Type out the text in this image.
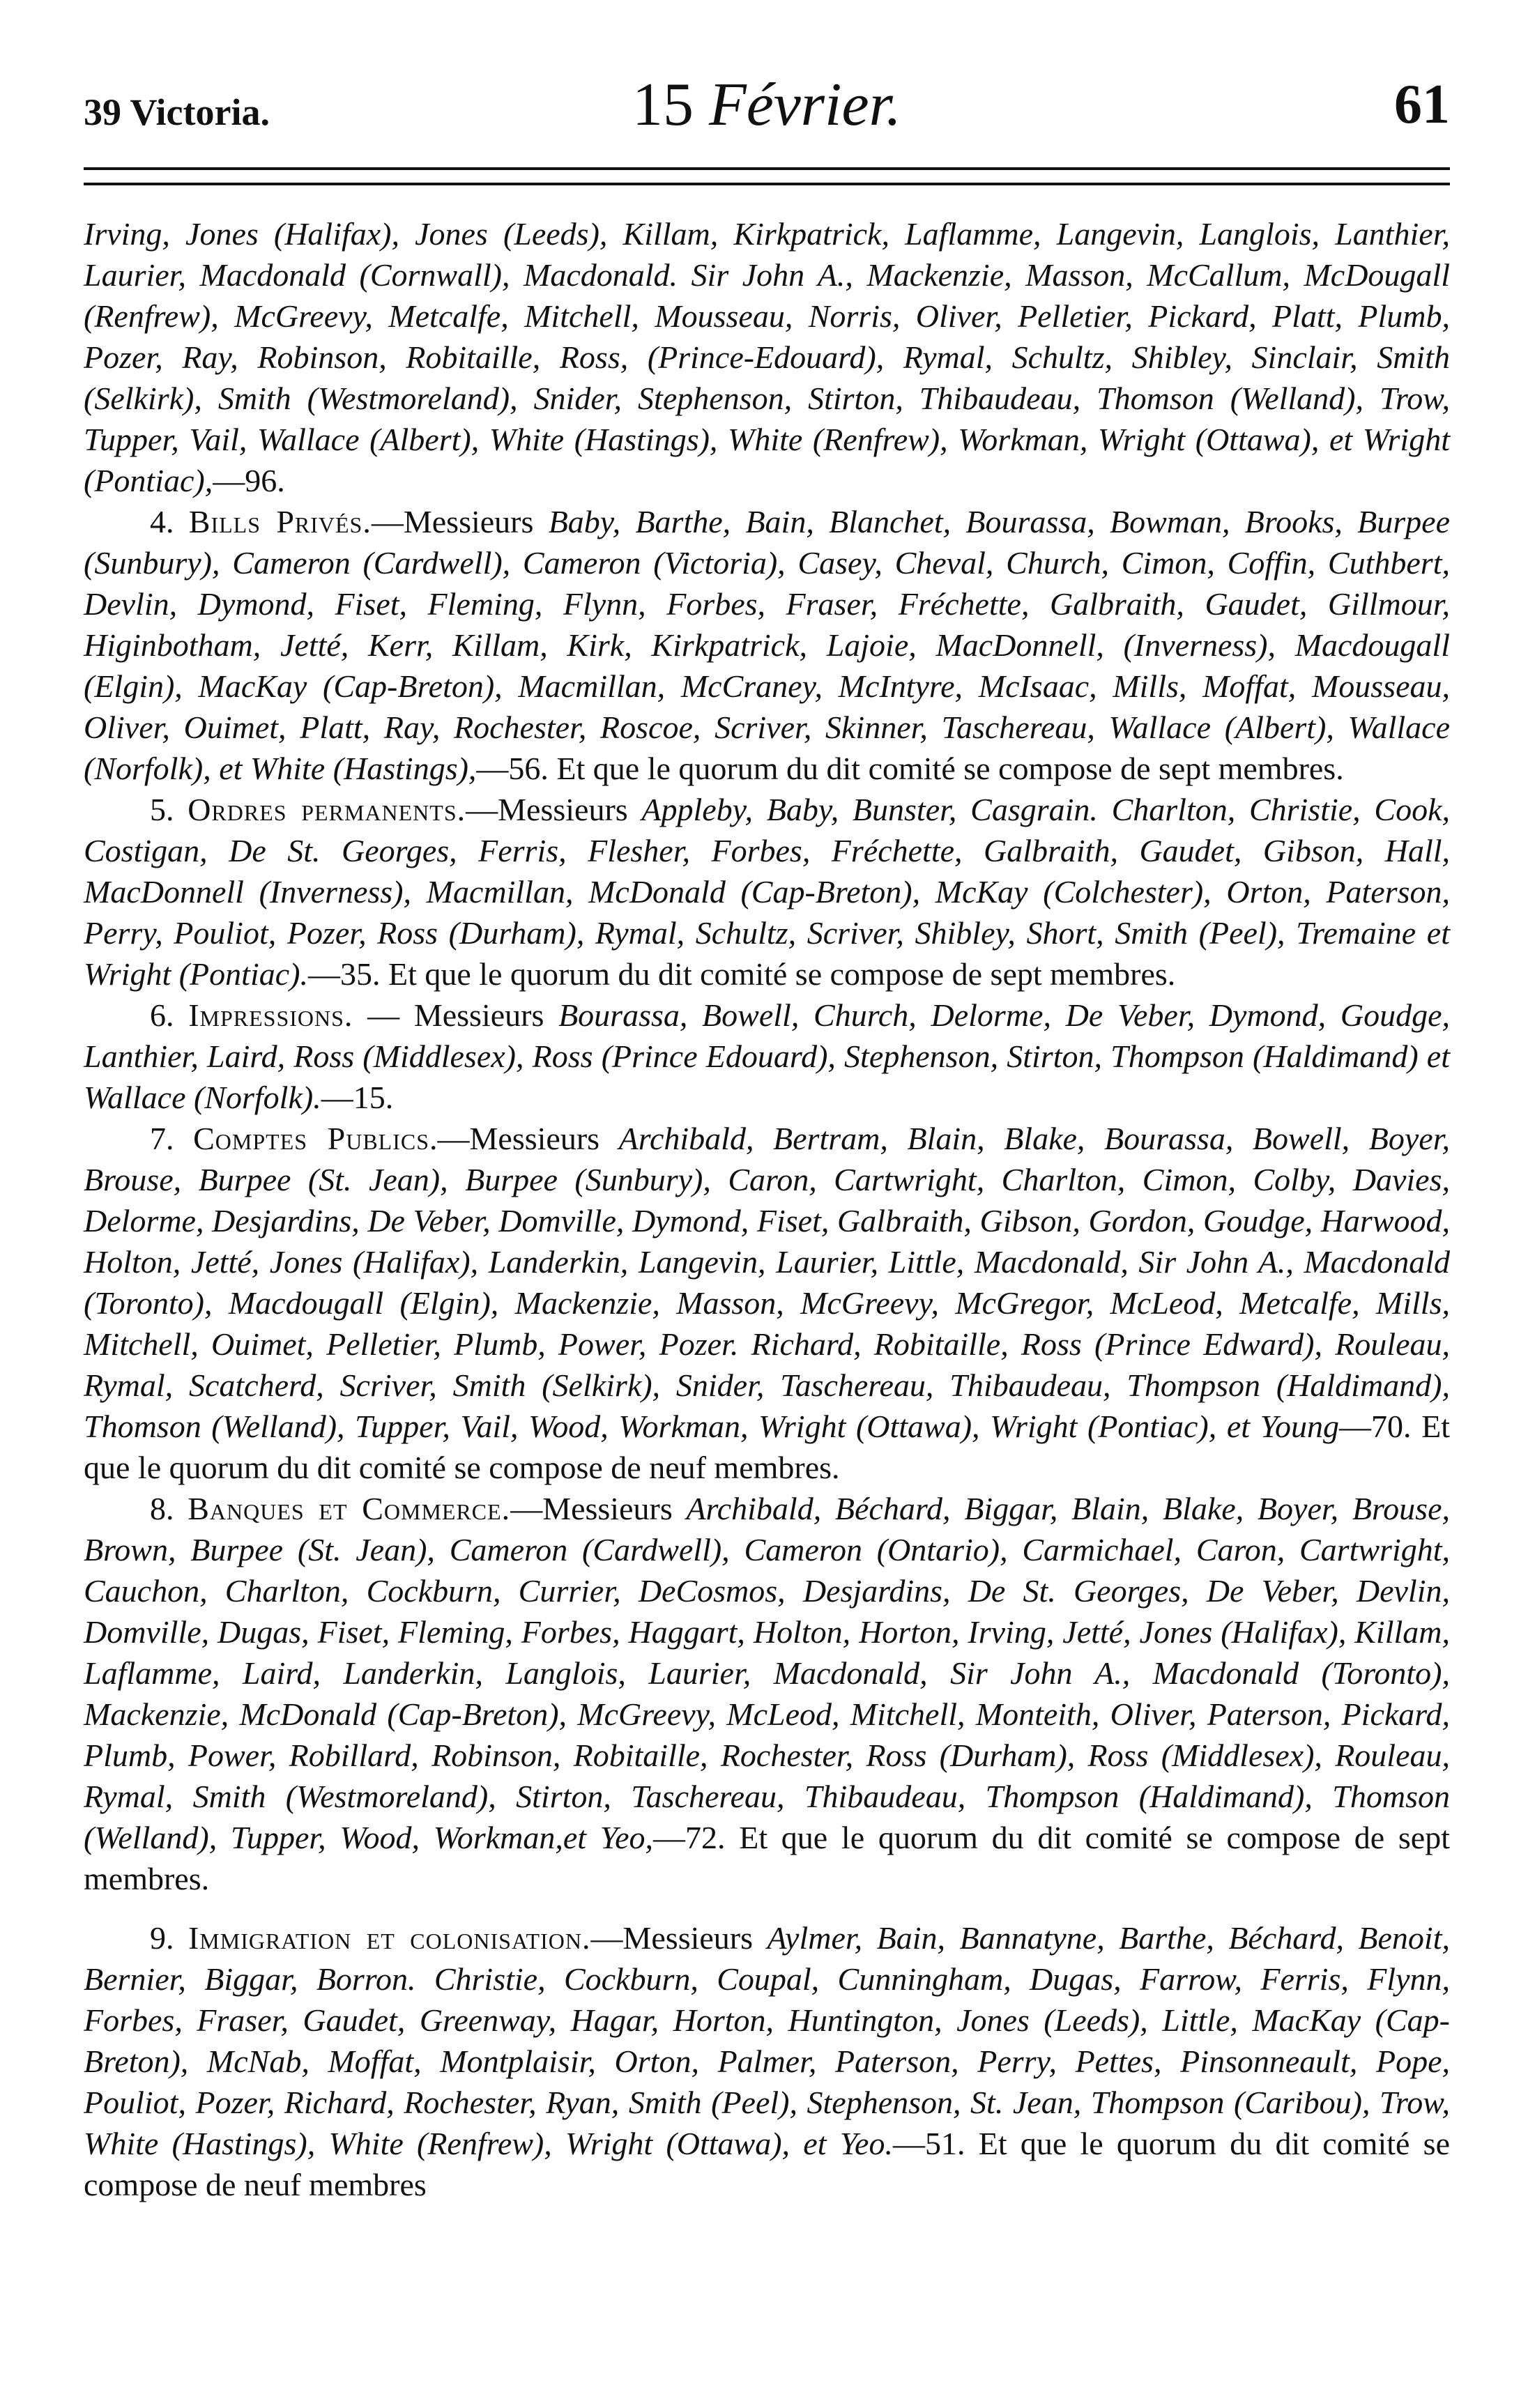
39 Victoria.	15 Février.	61

Irving, Jones (Halifax), Jones (Leeds), Killam, Kirkpatrick, Laflamme, Langevin, Langlois, Lanthier, Laurier, Macdonald (Cornwall), Macdonald. Sir John A., Mackenzie, Masson, McCallum, McDougall (Renfrew), McGreevy, Metcalfe, Mitchell, Mousseau, Norris, Oliver, Pelletier, Pickard, Platt, Plumb, Pozer, Ray, Robinson, Robitaille, Ross, (Prince-Edouard), Rymal, Schultz, Shibley, Sinclair, Smith (Selkirk), Smith (Westmoreland), Snider, Stephenson, Stirton, Thibaudeau, Thomson (Welland), Trow, Tupper, Vail, Wallace (Albert), White (Hastings), White (Renfrew), Workman, Wright (Ottawa), et Wright (Pontiac),—96.

4. Bills Privés.—Messieurs Baby, Barthe, Bain, Blanchet, Bourassa, Bowman, Brooks, Burpee (Sunbury), Cameron (Cardwell), Cameron (Victoria), Casey, Cheval, Church, Cimon, Coffin, Cuthbert, Devlin, Dymond, Fiset, Fleming, Flynn, Forbes, Fraser, Fréchette, Galbraith, Gaudet, Gillmour, Higinbotham, Jetté, Kerr, Killam, Kirk, Kirkpatrick, Lajoie, MacDonnell, (Inverness), Macdougall (Elgin), MacKay (Cap-Breton), Macmillan, McCraney, McIntyre, McIsaac, Mills, Moffat, Mousseau, Oliver, Ouimet, Platt, Ray, Rochester, Roscoe, Scriver, Skinner, Taschereau, Wallace (Albert), Wallace (Norfolk), et White (Hastings),—56. Et que le quorum du dit comité se compose de sept membres.

5. Ordres permanents.—Messieurs Appleby, Baby, Bunster, Casgrain. Charlton, Christie, Cook, Costigan, De St. Georges, Ferris, Flesher, Forbes, Fréchette, Galbraith, Gaudet, Gibson, Hall, MacDonnell (Inverness), Macmillan, McDonald (Cap-Breton), McKay (Colchester), Orton, Paterson, Perry, Pouliot, Pozer, Ross (Durham), Rymal, Schultz, Scriver, Shibley, Short, Smith (Peel), Tremaine et Wright (Pontiac).—35. Et que le quorum du dit comité se compose de sept membres.

6. Impressions. — Messieurs Bourassa, Bowell, Church, Delorme, De Veber, Dymond, Goudge, Lanthier, Laird, Ross (Middlesex), Ross (Prince Edouard), Stephenson, Stirton, Thompson (Haldimand) et Wallace (Norfolk).—15.

7. Comptes Publics.—Messieurs Archibald, Bertram, Blain, Blake, Bourassa, Bowell, Boyer, Brouse, Burpee (St. Jean), Burpee (Sunbury), Caron, Cartwright, Charlton, Cimon, Colby, Davies, Delorme, Desjardins, De Veber, Domville, Dymond, Fiset, Galbraith, Gibson, Gordon, Goudge, Harwood, Holton, Jetté, Jones (Halifax), Landerkin, Langevin, Laurier, Little, Macdonald, Sir John A., Macdonald (Toronto), Macdougall (Elgin), Mackenzie, Masson, McGreevy, McGregor, McLeod, Metcalfe, Mills, Mitchell, Ouimet, Pelletier, Plumb, Power, Pozer. Richard, Robitaille, Ross (Prince Edward), Rouleau, Rymal, Scatcherd, Scriver, Smith (Selkirk), Snider, Taschereau, Thibaudeau, Thompson (Haldimand), Thomson (Welland), Tupper, Vail, Wood, Workman, Wright (Ottawa), Wright (Pontiac), et Young—70. Et que le quorum du dit comité se compose de neuf membres.

8. Banques et Commerce.—Messieurs Archibald, Béchard, Biggar, Blain, Blake, Boyer, Brouse, Brown, Burpee (St. Jean), Cameron (Cardwell), Cameron (Ontario), Carmichael, Caron, Cartwright, Cauchon, Charlton, Cockburn, Currier, DeCosmos, Desjardins, De St. Georges, De Veber, Devlin, Domville, Dugas, Fiset, Fleming, Forbes, Haggart, Holton, Horton, Irving, Jetté, Jones (Halifax), Killam, Laflamme, Laird, Landerkin, Langlois, Laurier, Macdonald, Sir John A., Macdonald (Toronto), Mackenzie, McDonald (Cap-Breton), McGreevy, McLeod, Mitchell, Monteith, Oliver, Paterson, Pickard, Plumb, Power, Robillard, Robinson, Robitaille, Rochester, Ross (Durham), Ross (Middlesex), Rouleau, Rymal, Smith (Westmoreland), Stirton, Taschereau, Thibaudeau, Thompson (Haldimand), Thomson (Welland), Tupper, Wood, Workman,et Yeo,—72. Et que le quorum du dit comité se compose de sept membres.

9. Immigration et colonisation.—Messieurs Aylmer, Bain, Bannatyne, Barthe, Béchard, Benoit, Bernier, Biggar, Borron. Christie, Cockburn, Coupal, Cunningham, Dugas, Farrow, Ferris, Flynn, Forbes, Fraser, Gaudet, Greenway, Hagar, Horton, Huntington, Jones (Leeds), Little, MacKay (Cap-Breton), McNab, Moffat, Montplaisir, Orton, Palmer, Paterson, Perry, Pettes, Pinsonneault, Pope, Pouliot, Pozer, Richard, Rochester, Ryan, Smith (Peel), Stephenson, St. Jean, Thompson (Caribou), Trow, White (Hastings), White (Renfrew), Wright (Ottawa), et Yeo.—51. Et que le quorum du dit comité se compose de neuf membres
